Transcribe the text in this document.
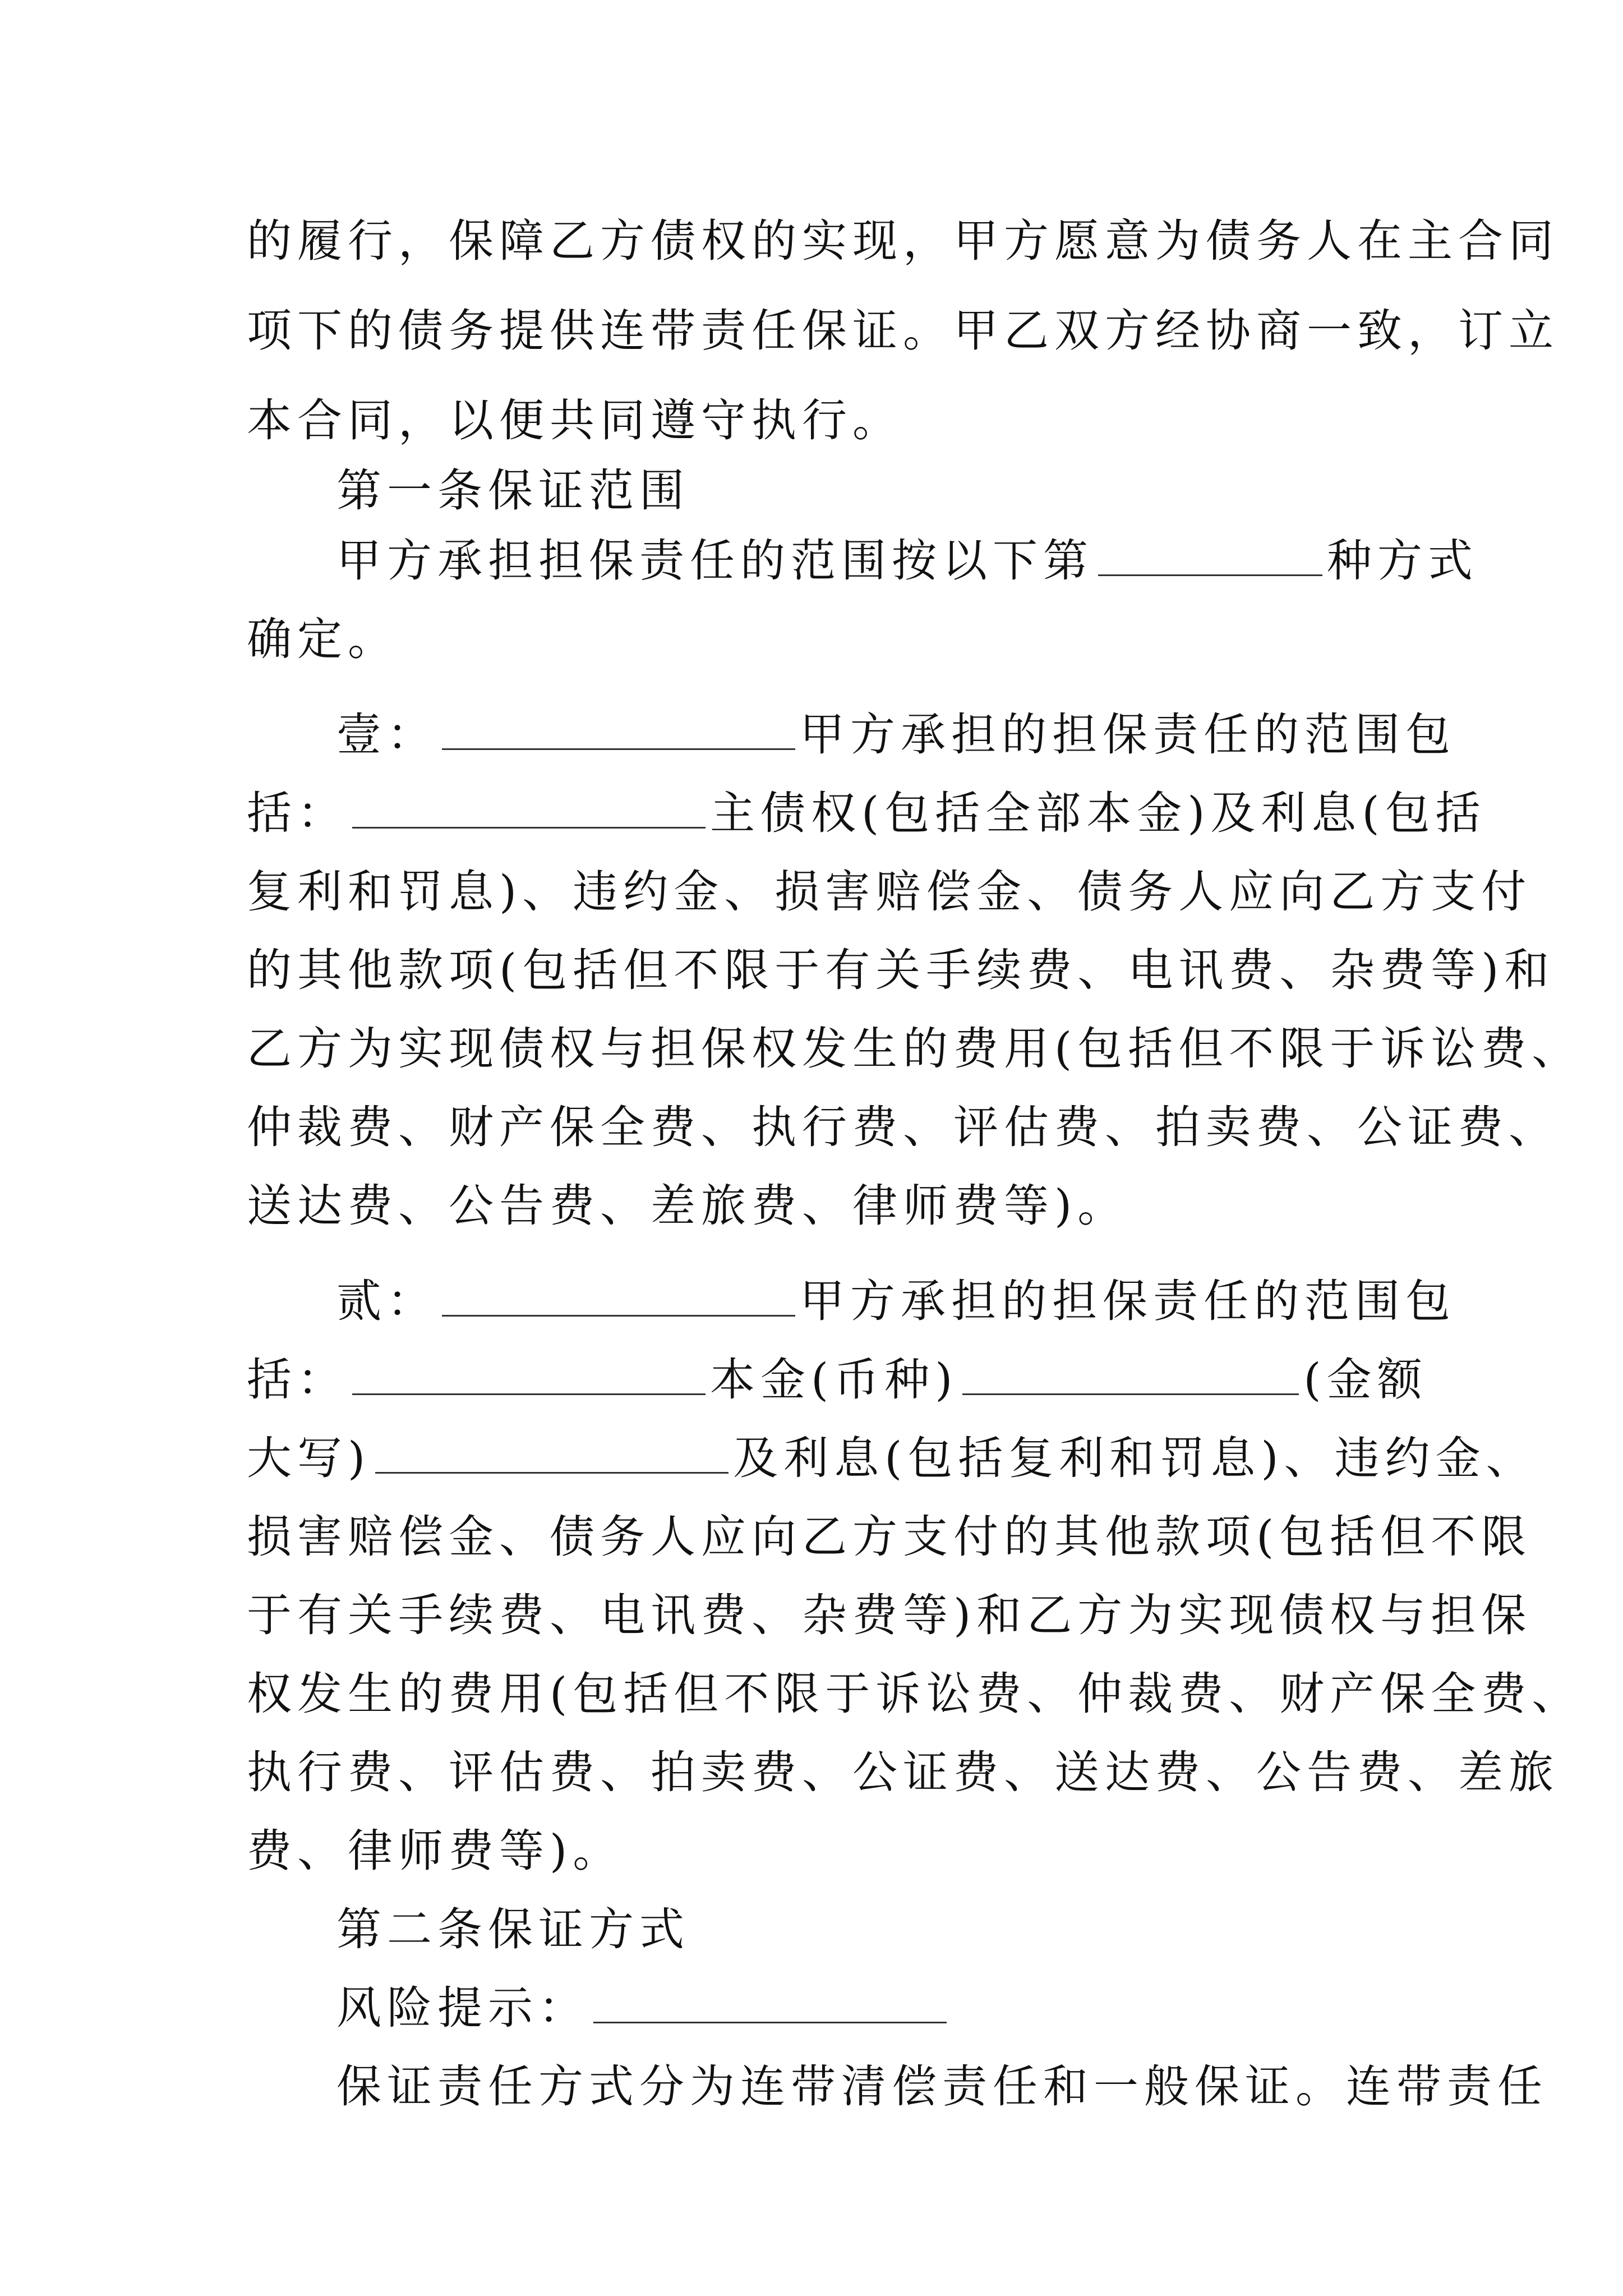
的履行，保障乙方债权的实现，甲方愿意为债务人在主合同
项下的债务提供连带责任保证。甲乙双方经协商一致，订立
本合同，以便共同遵守执行。
第一条保证范围
甲方承担担保责任的范围按以下第	种方式
确定。
壹：	甲方承担的担保责任的范围包
括：	主债权(包括全部本金)及利息(包括
复利和罚息)、违约金、损害赔偿金、债务人应向乙方支付
的其他款项(包括但不限于有关手续费、电讯费、杂费等)和
乙方为实现债权与担保权发生的费用(包括但不限于诉讼费、
仲裁费、财产保全费、执行费、评估费、拍卖费、公证费、
送达费、公告费、差旅费、律师费等)。
贰：	甲方承担的担保责任的范围包
括：	本金(币种)	(金额
大写)	及利息(包括复利和罚息)、违约金、
损害赔偿金、债务人应向乙方支付的其他款项(包括但不限
于有关手续费、电讯费、杂费等)和乙方为实现债权与担保
权发生的费用(包括但不限于诉讼费、仲裁费、财产保全费、
执行费、评估费、拍卖费、公证费、送达费、公告费、差旅
费、律师费等)。
第二条保证方式
风险提示：
保证责任方式分为连带清偿责任和一般保证。连带责任
